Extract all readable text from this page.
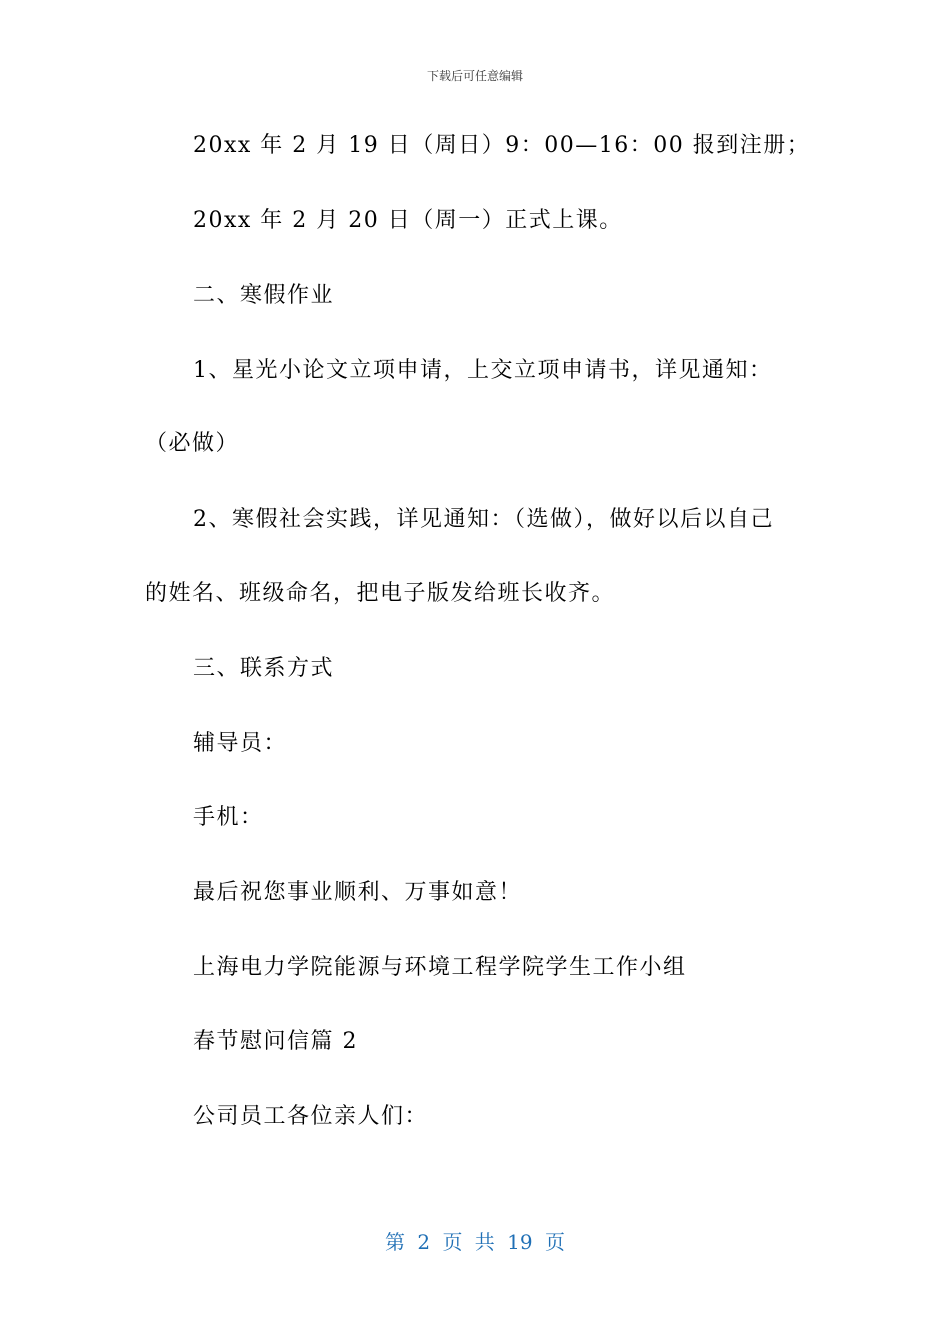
下载后可任意编辑
20xx 年 2 月 19 日（周日）9：00—16：00 报到注册；
20xx 年 2 月 20 日（周一）正式上课。
二、寒假作业
1、星光小论文立项申请，上交立项申请书，详见通知：
（必做）
2、寒假社会实践，详见通知：（选做），做好以后以自己
的姓名、班级命名，把电子版发给班长收齐。
三、联系方式
辅导员：
手机：
最后祝您事业顺利、万事如意！
上海电力学院能源与环境工程学院学生工作小组
春节慰问信篇 2
公司员工各位亲人们：
第 2 页 共 19 页
